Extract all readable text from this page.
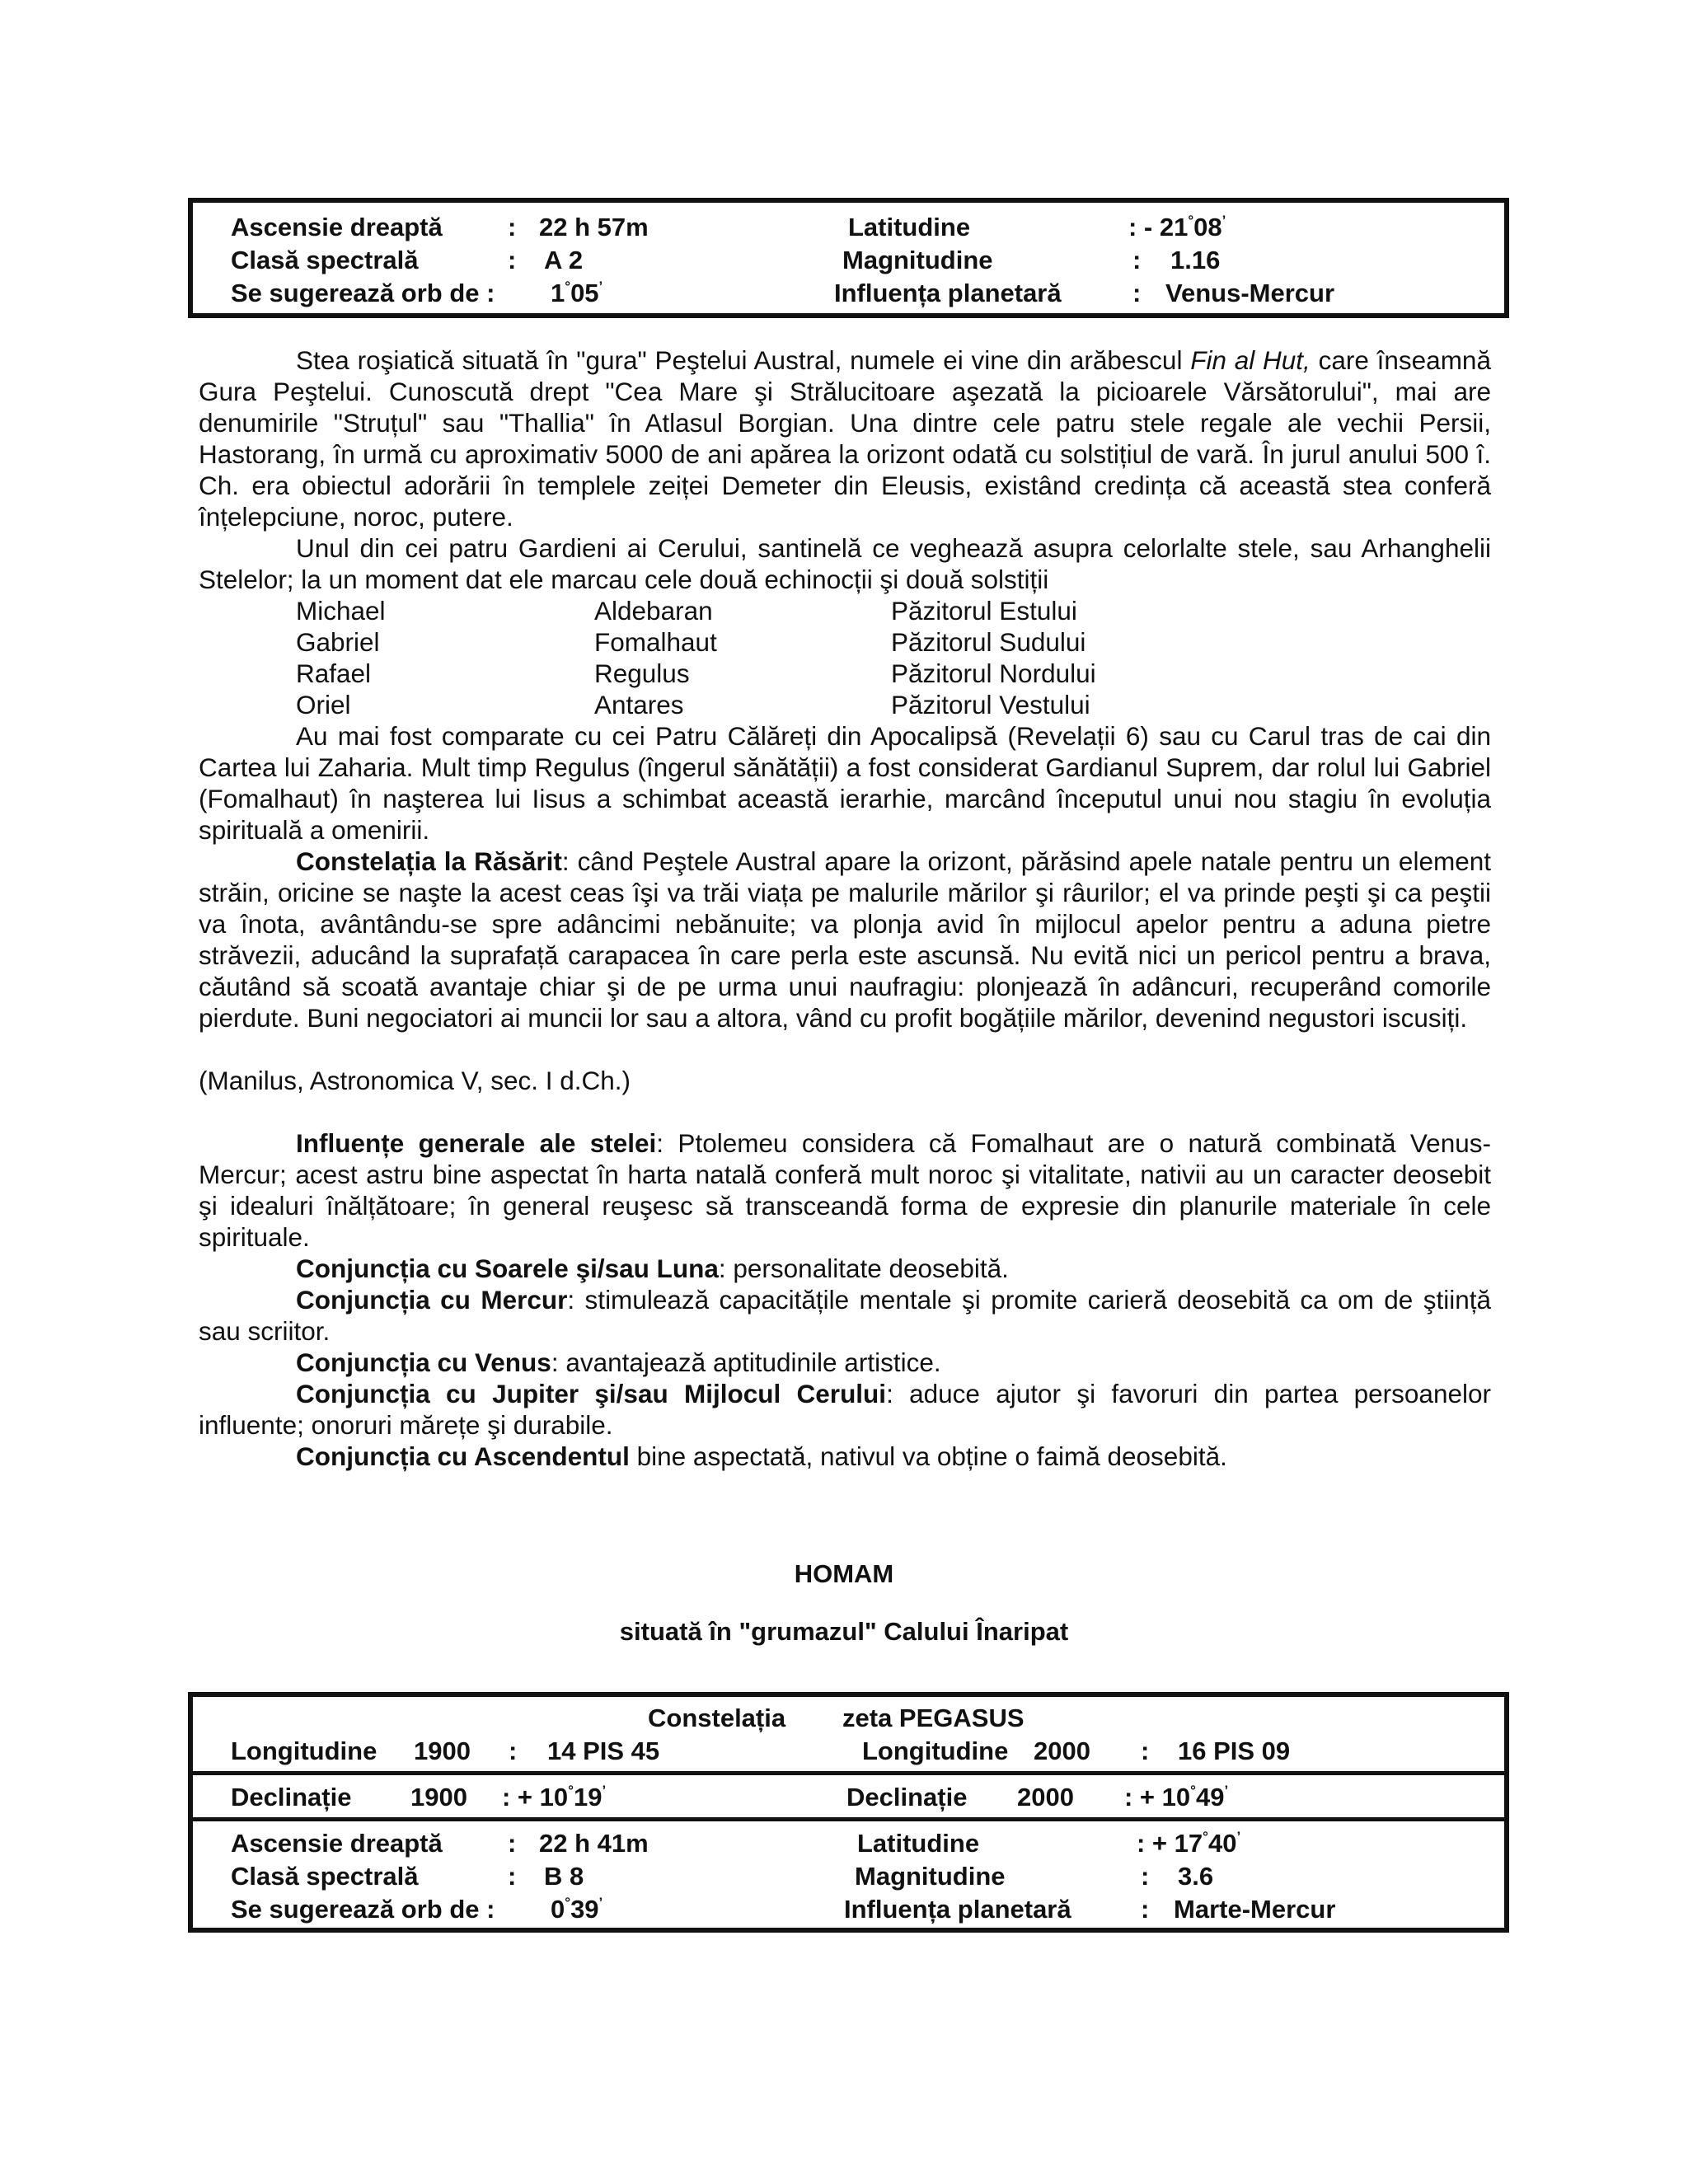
Ascensie dreaptă	: 22 h 57m	Latitudine	: - 21°08’
Clasă spectrală	: A 2	Magnitudine	: 1.16
Se sugerează orb de : 1°05’	Influența planetară	: Venus-Mercur

Stea roşiatică situată în "gura" Peştelui Austral, numele ei vine din arăbescul Fin al Hut, care înseamnă Gura Peştelui. Cunoscută drept "Cea Mare şi Strălucitoare aşezată la picioarele Vărsătorului", mai are denumirile "Struțul" sau "Thallia" în Atlasul Borgian. Una dintre cele patru stele regale ale vechii Persii, Hastorang, în urmă cu aproximativ 5000 de ani apărea la orizont odată cu solstițiul de vară. În jurul anului 500 î. Ch. era obiectul adorării în templele zeiței Demeter din Eleusis, existând credința că această stea conferă înțelepciune, noroc, putere.

Unul din cei patru Gardieni ai Cerului, santinelă ce veghează asupra celorlalte stele, sau Arhanghelii Stelelor; la un moment dat ele marcau cele două echinocții şi două solstiții

Michael	Aldebaran	Păzitorul Estului
Gabriel	Fomalhaut	Păzitorul Sudului
Rafael	Regulus	Păzitorul Nordului
Oriel	Antares	Păzitorul Vestului

Au mai fost comparate cu cei Patru Călăreți din Apocalipsă (Revelații 6) sau cu Carul tras de cai din Cartea lui Zaharia. Mult timp Regulus (îngerul sănătății) a fost considerat Gardianul Suprem, dar rolul lui Gabriel (Fomalhaut) în naşterea lui Iisus a schimbat această ierarhie, marcând începutul unui nou stagiu în evoluția spirituală a omenirii.

Constelația la Răsărit: când Peştele Austral apare la orizont, părăsind apele natale pentru un element străin, oricine se naşte la acest ceas îşi va trăi viața pe malurile mărilor şi râurilor; el va prinde peşti şi ca peştii va înota, avântându-se spre adâncimi nebănuite; va plonja avid în mijlocul apelor pentru a aduna pietre străvezii, aducând la suprafață carapacea în care perla este ascunsă. Nu evită nici un pericol pentru a brava, căutând să scoată avantaje chiar şi de pe urma unui naufragiu: plonjează în adâncuri, recuperând comorile pierdute. Buni negociatori ai muncii lor sau a altora, vând cu profit bogățiile mărilor, devenind negustori iscusiți.

(Manilus, Astronomica V, sec. I d.Ch.)

Influențe generale ale stelei: Ptolemeu considera că Fomalhaut are o natură combinată Venus-Mercur; acest astru bine aspectat în harta natală conferă mult noroc şi vitalitate, nativii au un caracter deosebit şi idealuri înălțătoare; în general reuşesc să transceandă forma de expresie din planurile materiale în cele spirituale.

Conjuncția cu Soarele şi/sau Luna: personalitate deosebită.

Conjuncția cu Mercur: stimulează capacitățile mentale şi promite carieră deosebită ca om de ştiință sau scriitor.

Conjuncția cu Venus: avantajează aptitudinile artistice.

Conjuncția cu Jupiter şi/sau Mijlocul Cerului: aduce ajutor şi favoruri din partea persoanelor influente; onoruri mărețe şi durabile.

Conjuncția cu Ascendentul bine aspectată, nativul va obține o faimă deosebită.

HOMAM
situată în "grumazul" Calului Înaripat
Constelația zeta PEGASUS
Longitudine 1900 : 14 PIS 45	Longitudine 2000 : 16 PIS 09
Declinație 1900 : + 10°19’	Declinație 2000 : + 10°49’
Ascensie dreaptă	: 22 h 41m	Latitudine	: + 17°40’
Clasă spectrală	: B 8	Magnitudine	: 3.6
Se sugerează orb de : 0°39’	Influența planetară	: Marte-Mercur
